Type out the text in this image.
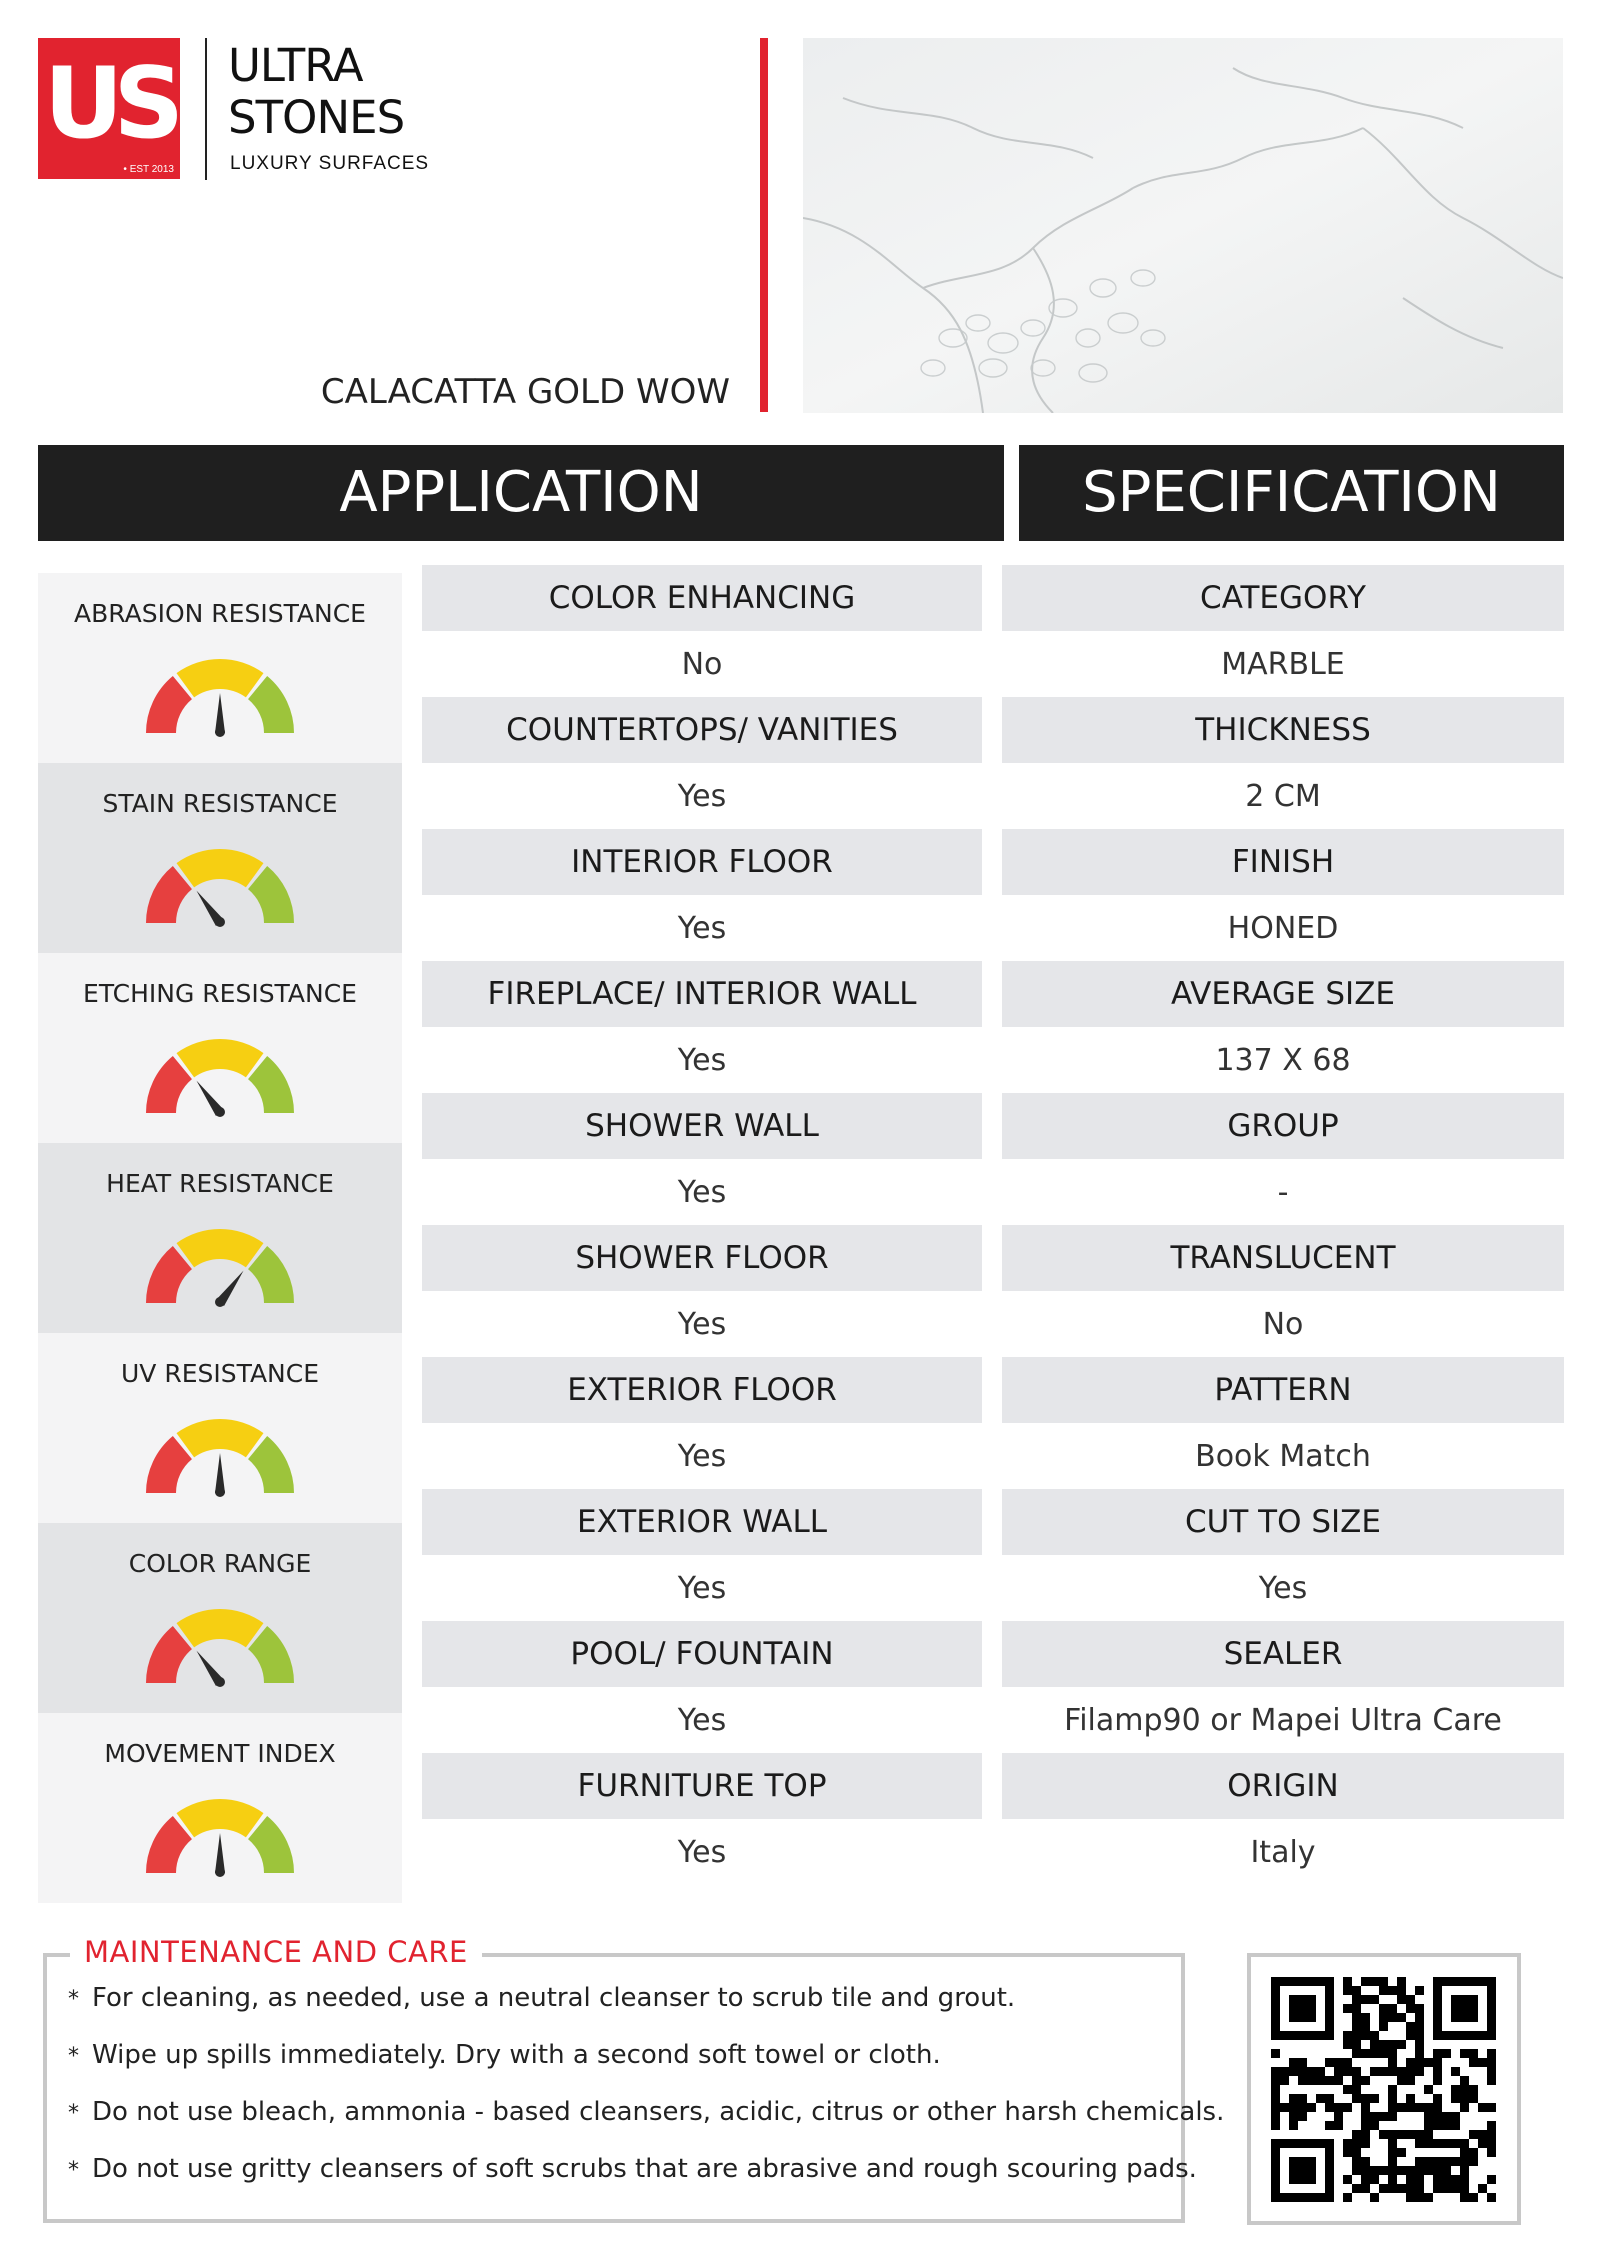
US
• EST 2013
ULTRA
STONES
LUXURY SURFACES
CALACATTA GOLD WOW
APPLICATION	SPECIFICATION
ABRASION RESISTANCE
STAIN RESISTANCE
ETCHING RESISTANCE
HEAT RESISTANCE
UV RESISTANCE
COLOR RANGE
MOVEMENT INDEX
COLOR ENHANCING
No
COUNTERTOPS/ VANITIES
Yes
INTERIOR FLOOR
Yes
FIREPLACE/ INTERIOR WALL
Yes
SHOWER WALL
Yes
SHOWER FLOOR
Yes
EXTERIOR FLOOR
Yes
EXTERIOR WALL
Yes
POOL/ FOUNTAIN
Yes
FURNITURE TOP
Yes
CATEGORY
MARBLE
THICKNESS
2 CM
FINISH
HONED
AVERAGE SIZE
137 X 68
GROUP
-
TRANSLUCENT
No
PATTERN
Book Match
CUT TO SIZE
Yes
SEALER
Filamp90 or Mapei Ultra Care
ORIGIN
Italy
MAINTENANCE AND CARE
* For cleaning, as needed, use a neutral cleanser to scrub tile and grout.
* Wipe up spills immediately. Dry with a second soft towel or cloth.
* Do not use bleach, ammonia - based cleansers, acidic, citrus or other harsh chemicals.
* Do not use gritty cleansers of soft scrubs that are abrasive and rough scouring pads.
